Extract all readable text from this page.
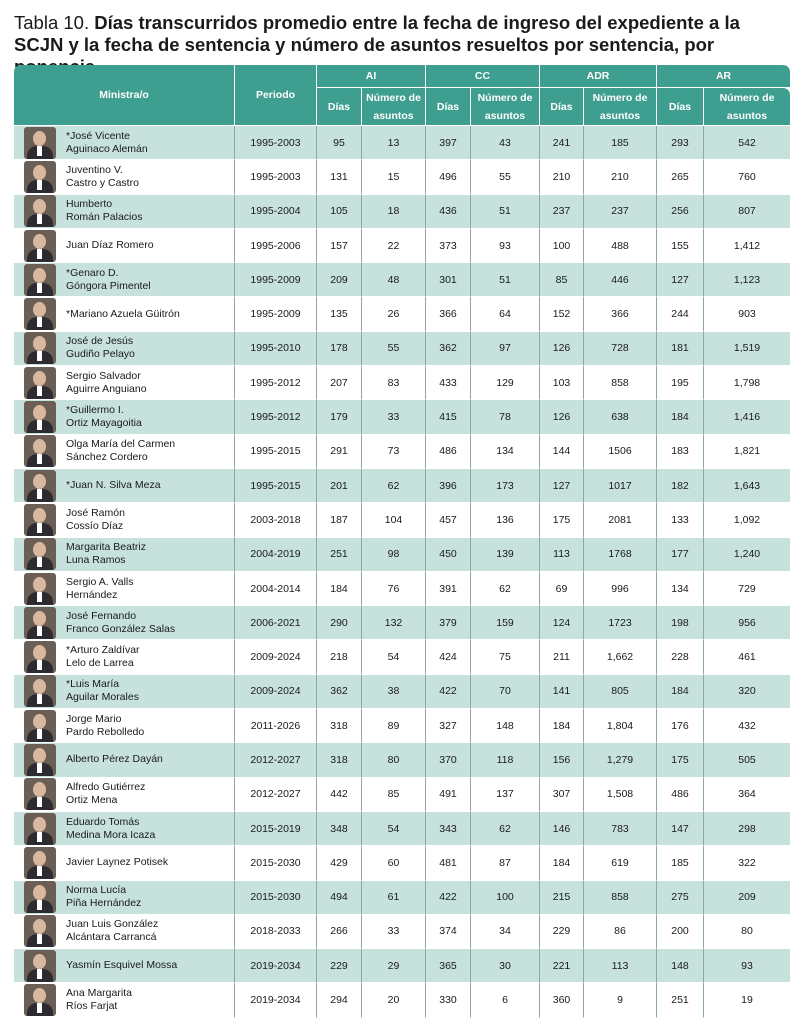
Tabla 10. Días transcurridos promedio entre la fecha de ingreso del expediente a la SCJN y la fecha de sentencia y número de asuntos resueltos por sentencia, por
Ministra/o		Periodo	AI		CC		ADR		AR	
			Días	Número de asuntos	Días	Número de asuntos	Días	Número de asuntos	Días	Número de asuntos

	*José Vicente
Aguinaco Alemán	1995-2003	95	13	397	43	241	185	293	542

	Juventino V.
Castro y Castro	1995-2003	131	15	496	55	210	210	265	760

	Humberto
Román Palacios	1995-2004	105	18	436	51	237	237	256	807

	Juan Díaz Romero	1995-2006	157	22	373	93	100	488	155	1,412

	*Genaro D.
Góngora Pimentel	1995-2009	209	48	301	51	85	446	127	1,123

	*Mariano Azuela Güitrón	1995-2009	135	26	366	64	152	366	244	903

	José de Jesús
Gudiño Pelayo	1995-2010	178	55	362	97	126	728	181	1,519

	Sergio Salvador
Aguirre Anguiano	1995-2012	207	83	433	129	103	858	195	1,798

	*Guillermo I.
Ortiz Mayagoitia	1995-2012	179	33	415	78	126	638	184	1,416

	Olga María del Carmen
Sánchez Cordero	1995-2015	291	73	486	134	144	1506	183	1,821

	*Juan N. Silva Meza	1995-2015	201	62	396	173	127	1017	182	1,643

	José Ramón
Cossío Díaz	2003-2018	187	104	457	136	175	2081	133	1,092

	Margarita Beatriz
Luna Ramos	2004-2019	251	98	450	139	113	1768	177	1,240

	Sergio A. Valls
Hernández	2004-2014	184	76	391	62	69	996	134	729

	José Fernando
Franco González Salas	2006-2021	290	132	379	159	124	1723	198	956

	*Arturo Zaldívar
Lelo de Larrea	2009-2024	218	54	424	75	211	1,662	228	461

	*Luis María
Aguilar Morales	2009-2024	362	38	422	70	141	805	184	320

	Jorge Mario
Pardo Rebolledo	2011-2026	318	89	327	148	184	1,804	176	432

	Alberto Pérez Dayán	2012-2027	318	80	370	118	156	1,279	175	505

	Alfredo Gutiérrez
Ortiz Mena	2012-2027	442	85	491	137	307	1,508	486	364

	Eduardo Tomás
Medina Mora Icaza	2015-2019	348	54	343	62	146	783	147	298

	Javier Laynez Potisek	2015-2030	429	60	481	87	184	619	185	322

	Norma Lucía
Piña Hernández	2015-2030	494	61	422	100	215	858	275	209

	Juan Luis González
Alcántara Carrancá	2018-2033	266	33	374	34	229	86	200	80

	Yasmín Esquivel Mossa	2019-2034	229	29	365	30	221	113	148	93

	Ana Margarita
Ríos Farjat	2019-2034	294	20	330	6	360	9	251	19
